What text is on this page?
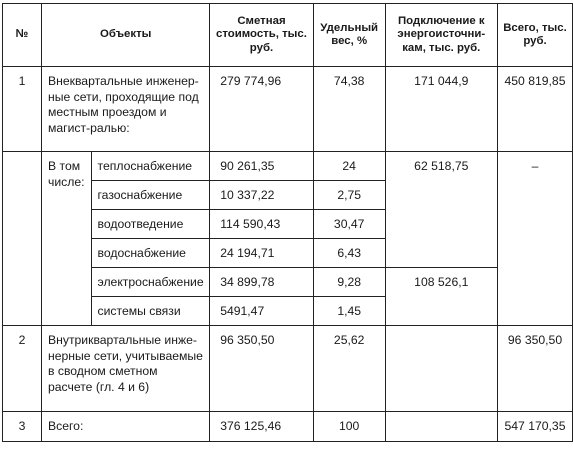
№	Объекты		Сметная стоимость, тыс. руб.	Удельный вес, %	Подключение к энергоисточни-кам, тыс. руб.	Всего, тыс. руб.
1	Внеквартальные инженер-ные сети, проходящие под местным проездом и магист-ралью:		279 774,96	74,38	171 044,9	450 819,85
	В том числе:	теплоснабжение	90 261,35	24	62 518,75	–
		газоснабжение	10 337,22	2,75		
		водоотведение	114 590,43	30,47		
		водоснабжение	24 194,71	6,43		
		электроснабжение	34 899,78	9,28	108 526,1	
		системы связи	5491,47	1,45		
2	Внутриквартальные инже-нерные сети, учитываемые в сводном сметном расчете (гл. 4 и 6)		96 350,50	25,62		96 350,50
3	Всего:		376 125,46	100		547 170,35
